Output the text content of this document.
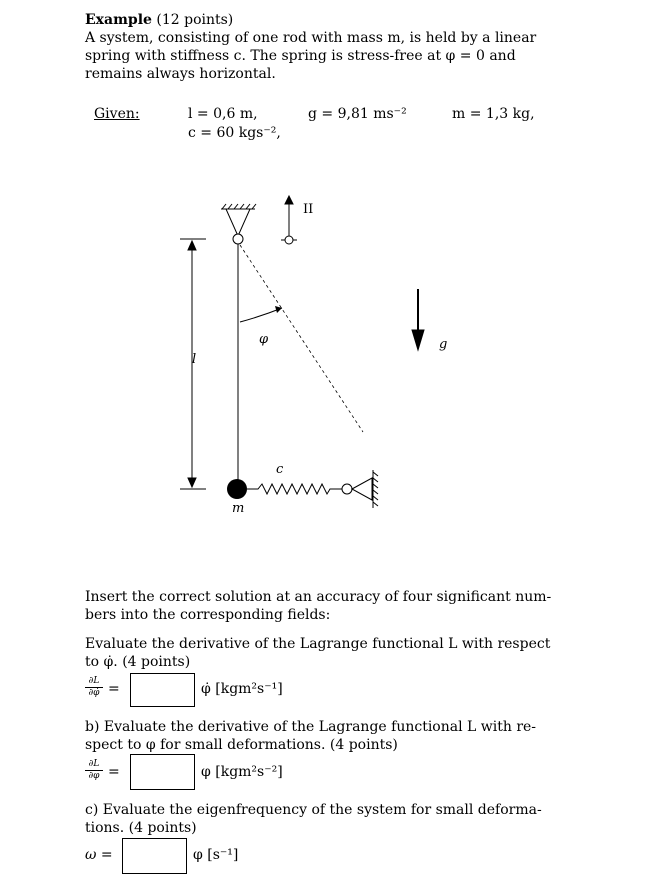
Example (12 points)
A system, consisting of one rod with mass m, is held by a linear
spring with stiffness c. The spring is stress-free at φ = 0 and
remains always horizontal.
Given:	l = 0,6 m,	g = 9,81 ms⁻²	m = 1,3 kg,
c = 60 kgs⁻²,
II
φ
l
g
m
c
Insert the correct solution at an accuracy of four significant num-
bers into the corresponding fields:
Evaluate the derivative of the Lagrange functional L with respect
to φ̇. (4 points)
∂L
∂φ̇ =	φ̇ [kgm²s⁻¹]
b) Evaluate the derivative of the Lagrange functional L with re-
spect to φ for small deformations. (4 points)
∂L
∂φ =	φ [kgm²s⁻²]
c) Evaluate the eigenfrequency of the system for small deforma-
tions. (4 points)
ω =	φ [s⁻¹]
